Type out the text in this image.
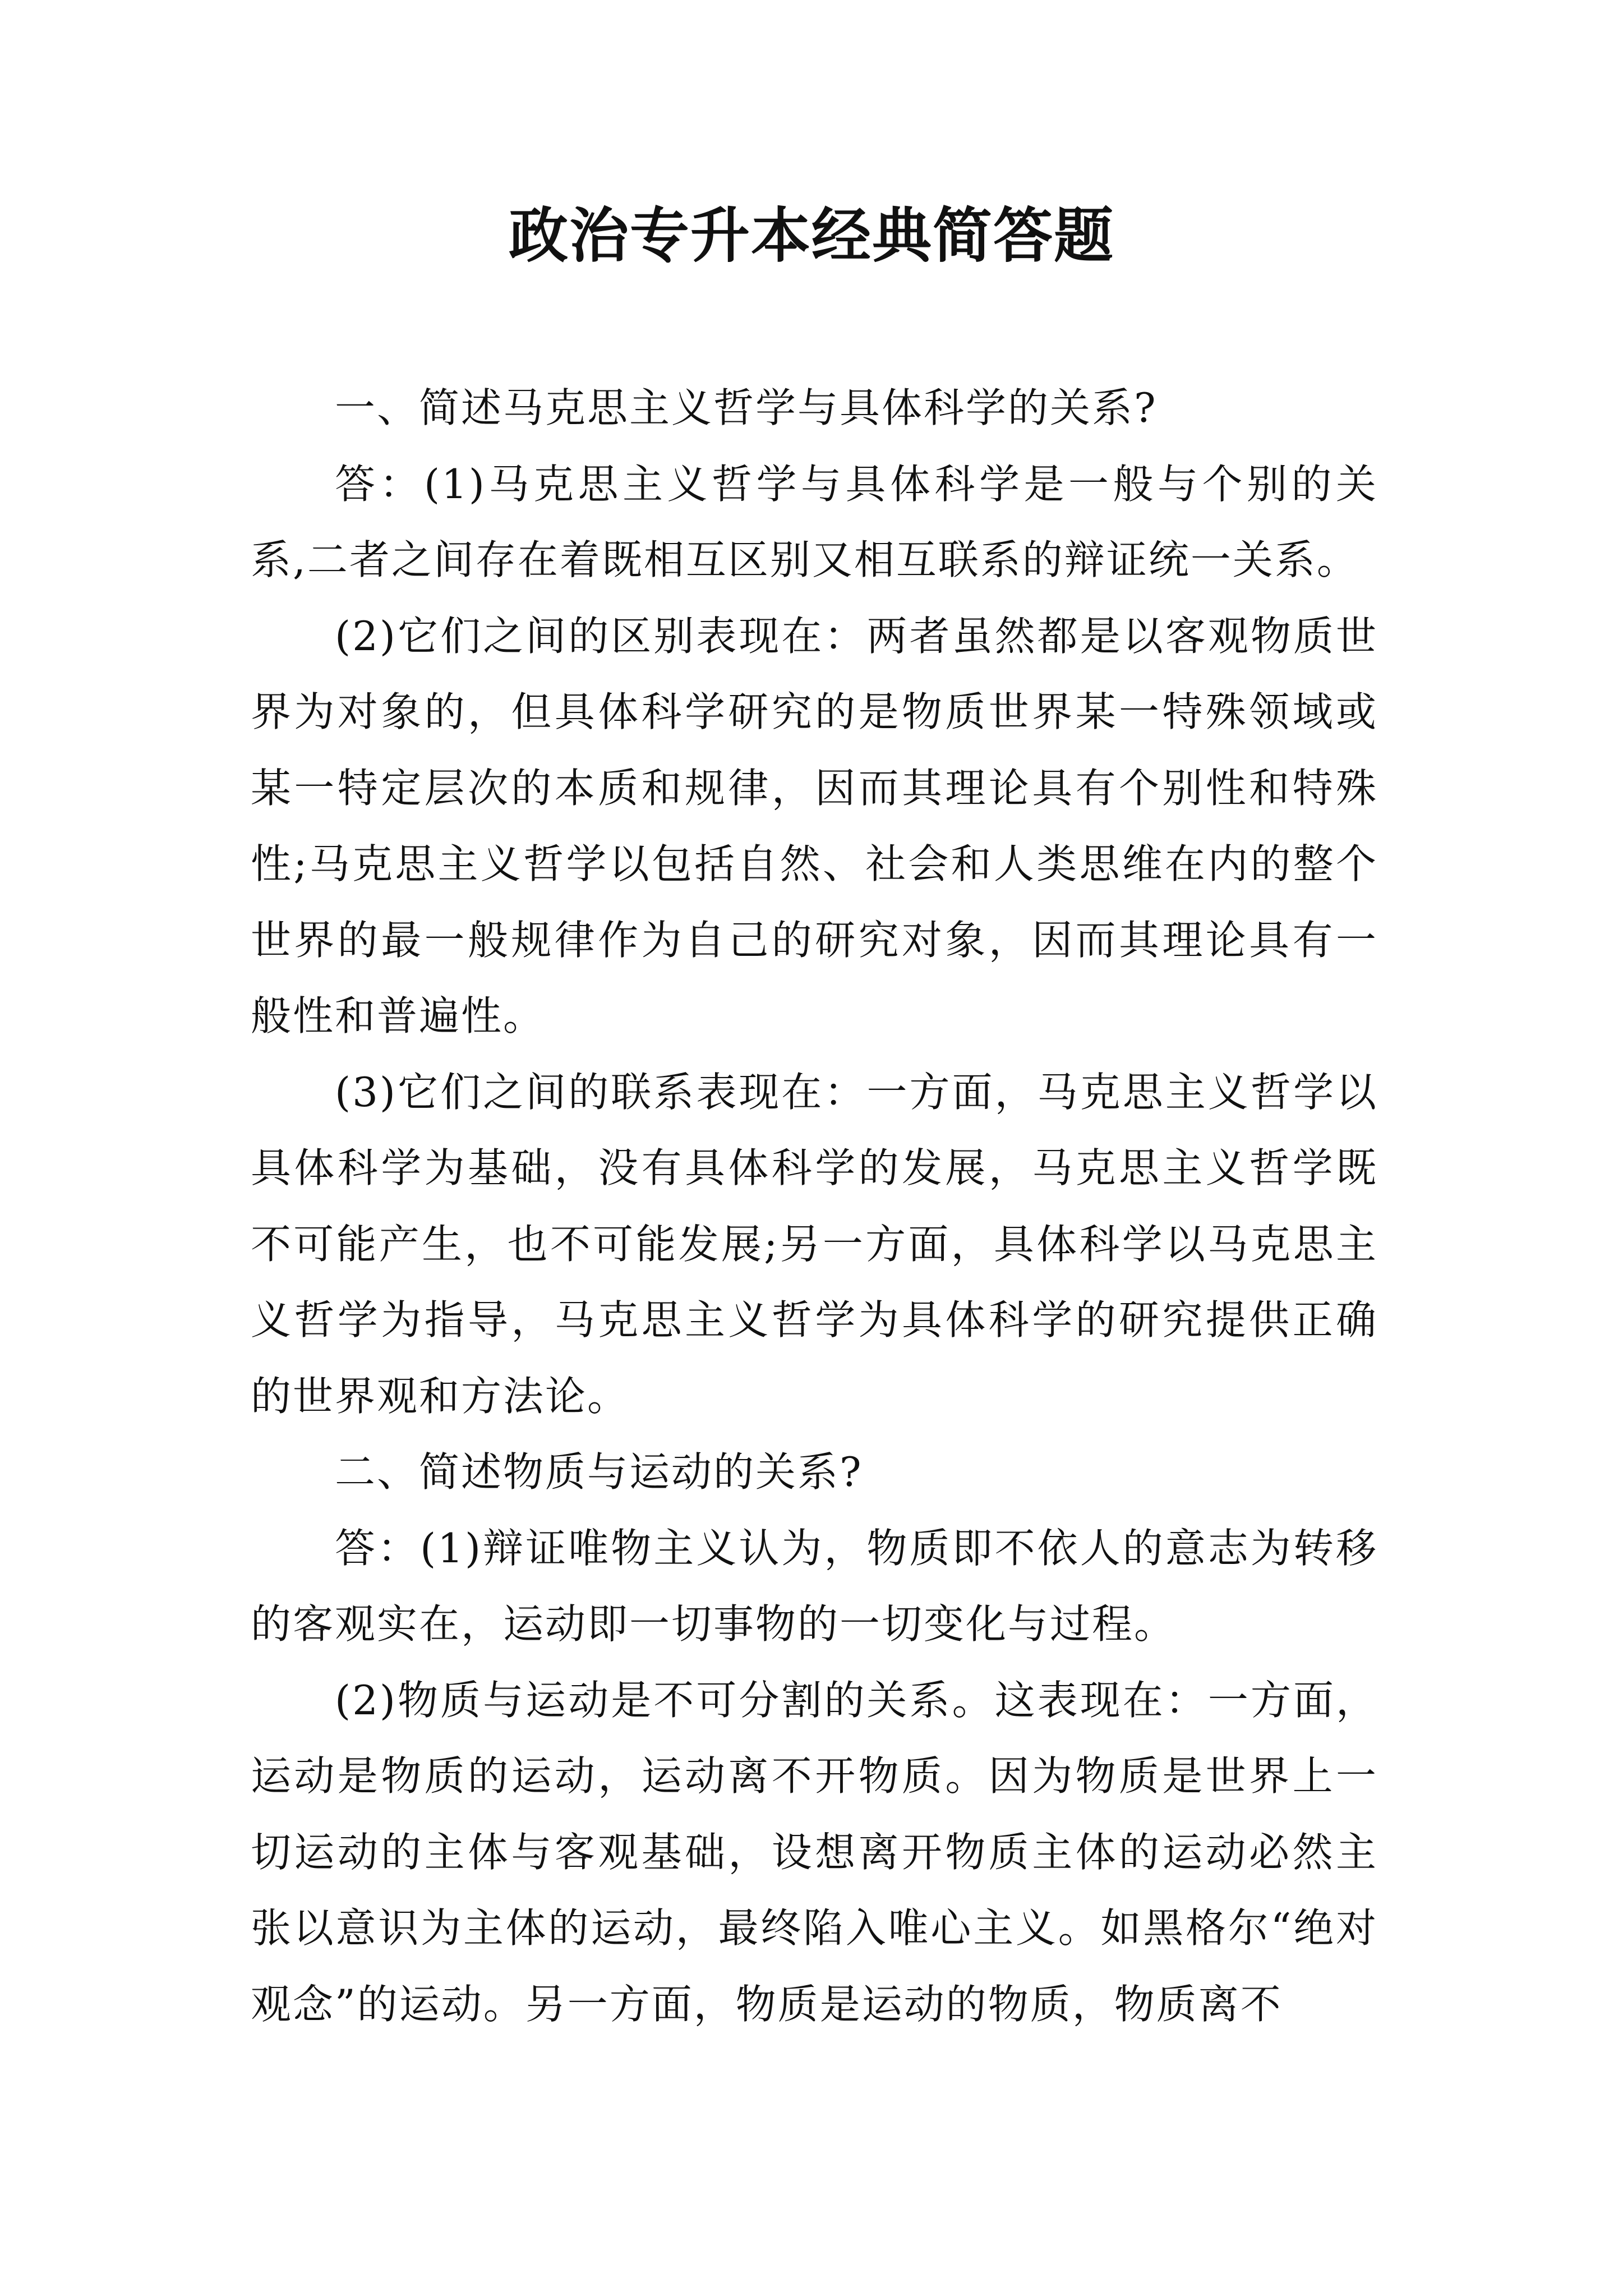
政治专升本经典简答题

一、简述马克思主义哲学与具体科学的关系?

答：(1)马克思主义哲学与具体科学是一般与个别的关系,二者之间存在着既相互区别又相互联系的辩证统一关系。

(2)它们之间的区别表现在：两者虽然都是以客观物质世界为对象的，但具体科学研究的是物质世界某一特殊领域或某一特定层次的本质和规律，因而其理论具有个别性和特殊性;马克思主义哲学以包括自然、社会和人类思维在内的整个世界的最一般规律作为自己的研究对象，因而其理论具有一般性和普遍性。

(3)它们之间的联系表现在：一方面，马克思主义哲学以具体科学为基础，没有具体科学的发展，马克思主义哲学既不可能产生，也不可能发展;另一方面，具体科学以马克思主义哲学为指导，马克思主义哲学为具体科学的研究提供正确的世界观和方法论。

二、简述物质与运动的关系?

答：(1)辩证唯物主义认为，物质即不依人的意志为转移的客观实在，运动即一切事物的一切变化与过程。

(2)物质与运动是不可分割的关系。这表现在：一方面，运动是物质的运动，运动离不开物质。因为物质是世界上一切运动的主体与客观基础，设想离开物质主体的运动必然主张以意识为主体的运动，最终陷入唯心主义。如黑格尔“绝对观念”的运动。另一方面，物质是运动的物质，物质离不
